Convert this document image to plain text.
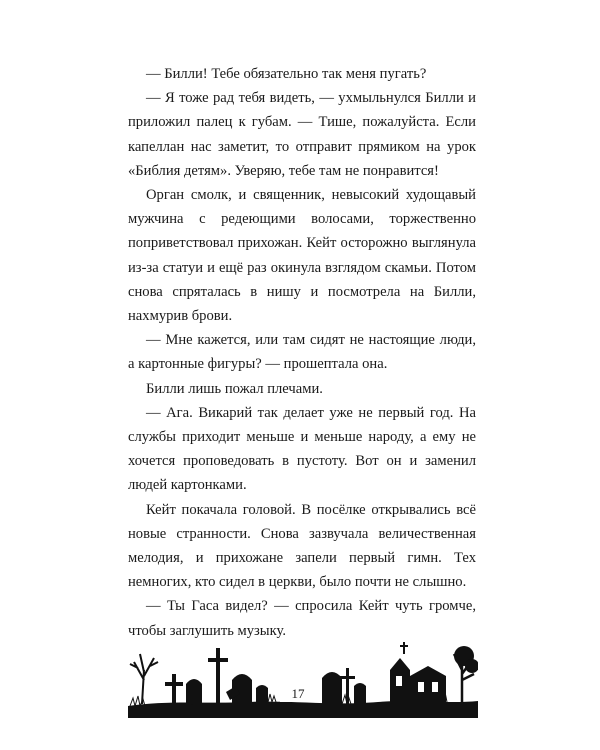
— Билли! Тебе обязательно так меня пугать?

— Я тоже рад тебя видеть, — ухмыльнулся Билли и приложил палец к губам. — Тише, пожалуйста. Если капеллан нас заметит, то отправит прямиком на урок «Библия детям». Уверяю, тебе там не понравится!

Орган смолк, и священник, невысокий худощавый мужчина с редеющими волосами, торжественно поприветствовал прихожан. Кейт осторожно выглянула из-за статуи и ещё раз окинула взглядом скамьи. Потом снова спряталась в нишу и посмотрела на Билли, нахмурив брови.

— Мне кажется, или там сидят не настоящие люди, а картонные фигуры? — прошептала она.

Билли лишь пожал плечами.

— Ага. Викарий так делает уже не первый год. На службы приходит меньше и меньше народу, а ему не хочется проповедовать в пустоту. Вот он и заменил людей картонками.

Кейт покачала головой. В посёлке открывались всё новые странности. Снова зазвучала величественная мелодия, и прихожане запели первый гимн. Тех немногих, кто сидел в церкви, было почти не слышно.

— Ты Гаса видел? — спросила Кейт чуть громче, чтобы заглушить музыку.

17
